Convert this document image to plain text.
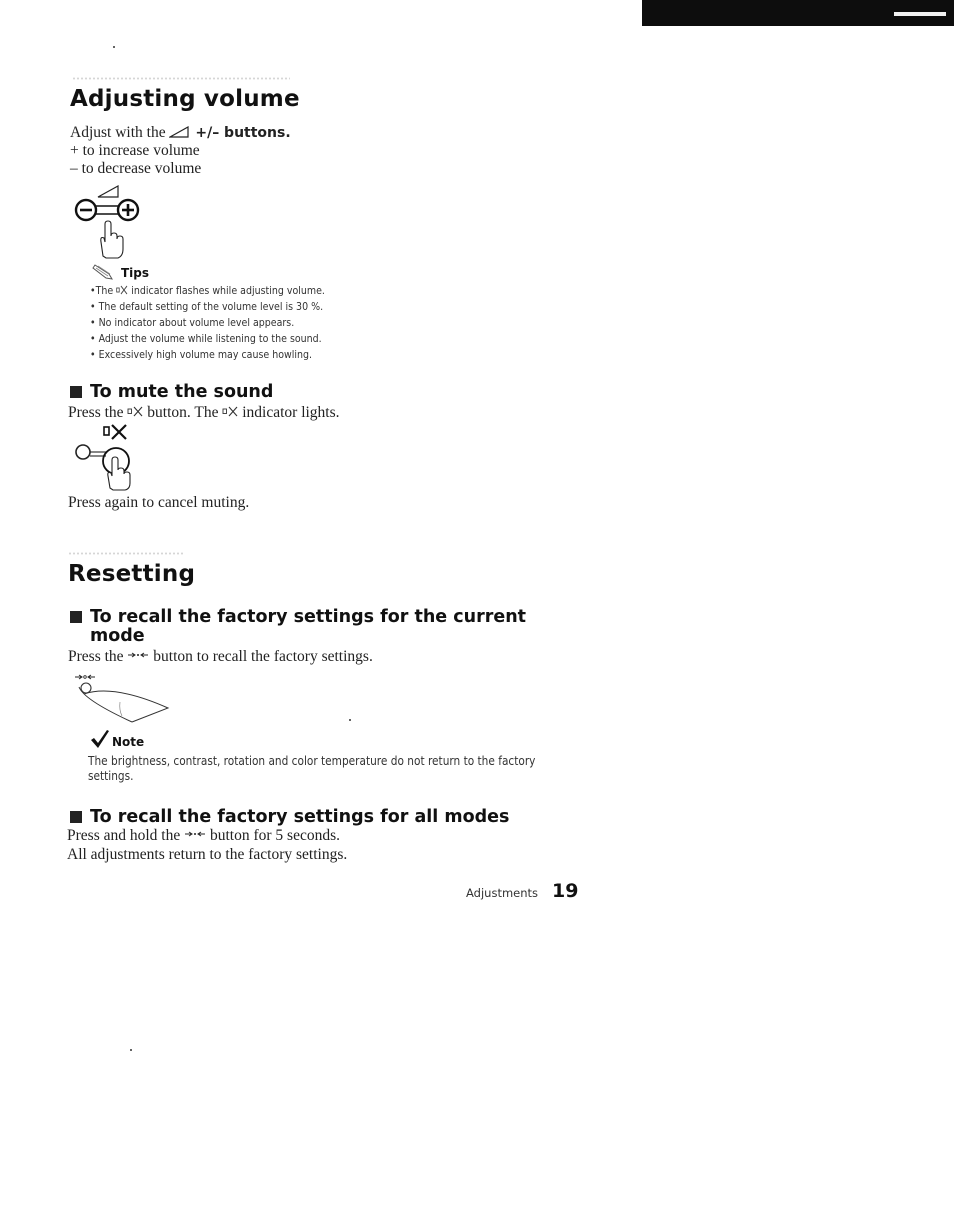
Adjusting volume
Adjust with the +/– buttons.
+ to increase volume
– to decrease volume
Tips
•The indicator flashes while adjusting volume.
• The default setting of the volume level is 30 %.
• No indicator about volume level appears.
• Adjust the volume while listening to the sound.
• Excessively high volume may cause howling.
To mute the sound
Press the button. The indicator lights.
Press again to cancel muting.
Resetting
To recall the factory settings for the current
mode
Press the button to recall the factory settings.
Note
The brightness, contrast, rotation and color temperature do not return to the factory settings.
To recall the factory settings for all modes
Press and hold the button for 5 seconds.
All adjustments return to the factory settings.
Adjustments 19
